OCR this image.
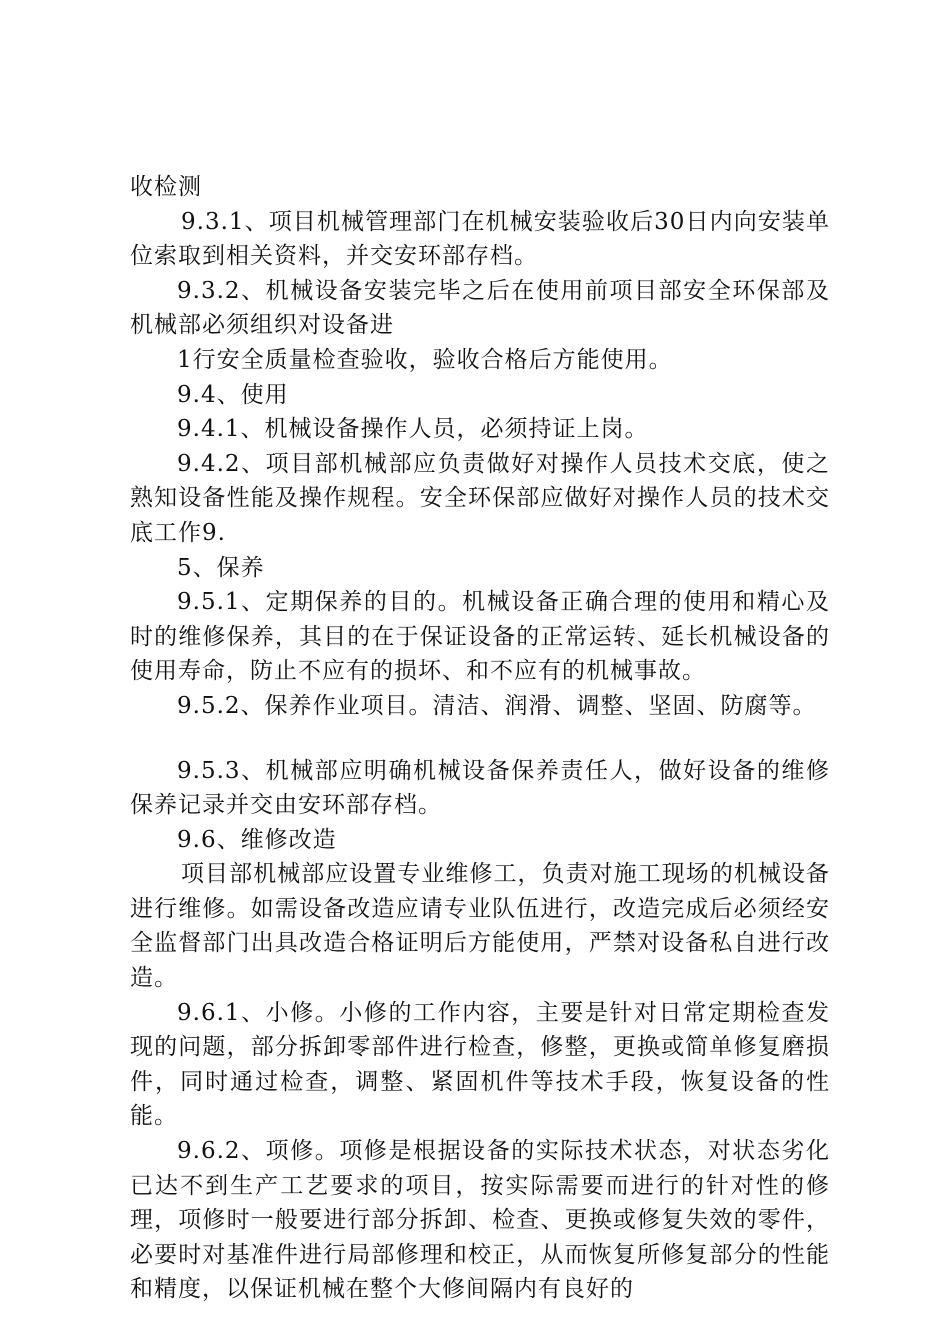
收检测

9.3.1、项目机械管理部门在机械安装验收后30日内向安装单位索取到相关资料，并交安环部存档。

9.3.2、机械设备安装完毕之后在使用前项目部安全环保部及机械部必须组织对设备进

1行安全质量检查验收，验收合格后方能使用。

9.4、使用

9.4.1、机械设备操作人员，必须持证上岗。

9.4.2、项目部机械部应负责做好对操作人员技术交底，使之熟知设备性能及操作规程。安全环保部应做好对操作人员的技术交底工作9.

5、保养

9.5.1、定期保养的目的。机械设备正确合理的使用和精心及时的维修保养，其目的在于保证设备的正常运转、延长机械设备的使用寿命，防止不应有的损坏、和不应有的机械事故。

9.5.2、保养作业项目。清洁、润滑、调整、坚固、防腐等。

9.5.3、机械部应明确机械设备保养责任人，做好设备的维修保养记录并交由安环部存档。

9.6、维修改造

项目部机械部应设置专业维修工，负责对施工现场的机械设备进行维修。如需设备改造应请专业队伍进行，改造完成后必须经安全监督部门出具改造合格证明后方能使用，严禁对设备私自进行改造。

9.6.1、小修。小修的工作内容，主要是针对日常定期检查发现的问题，部分拆卸零部件进行检查，修整，更换或简单修复磨损件，同时通过检查，调整、紧固机件等技术手段，恢复设备的性能。

9.6.2、项修。项修是根据设备的实际技术状态，对状态劣化已达不到生产工艺要求的项目，按实际需要而进行的针对性的修理，项修时一般要进行部分拆卸、检查、更换或修复失效的零件，必要时对基准件进行局部修理和校正，从而恢复所修复部分的性能和精度，以保证机械在整个大修间隔内有良好的
